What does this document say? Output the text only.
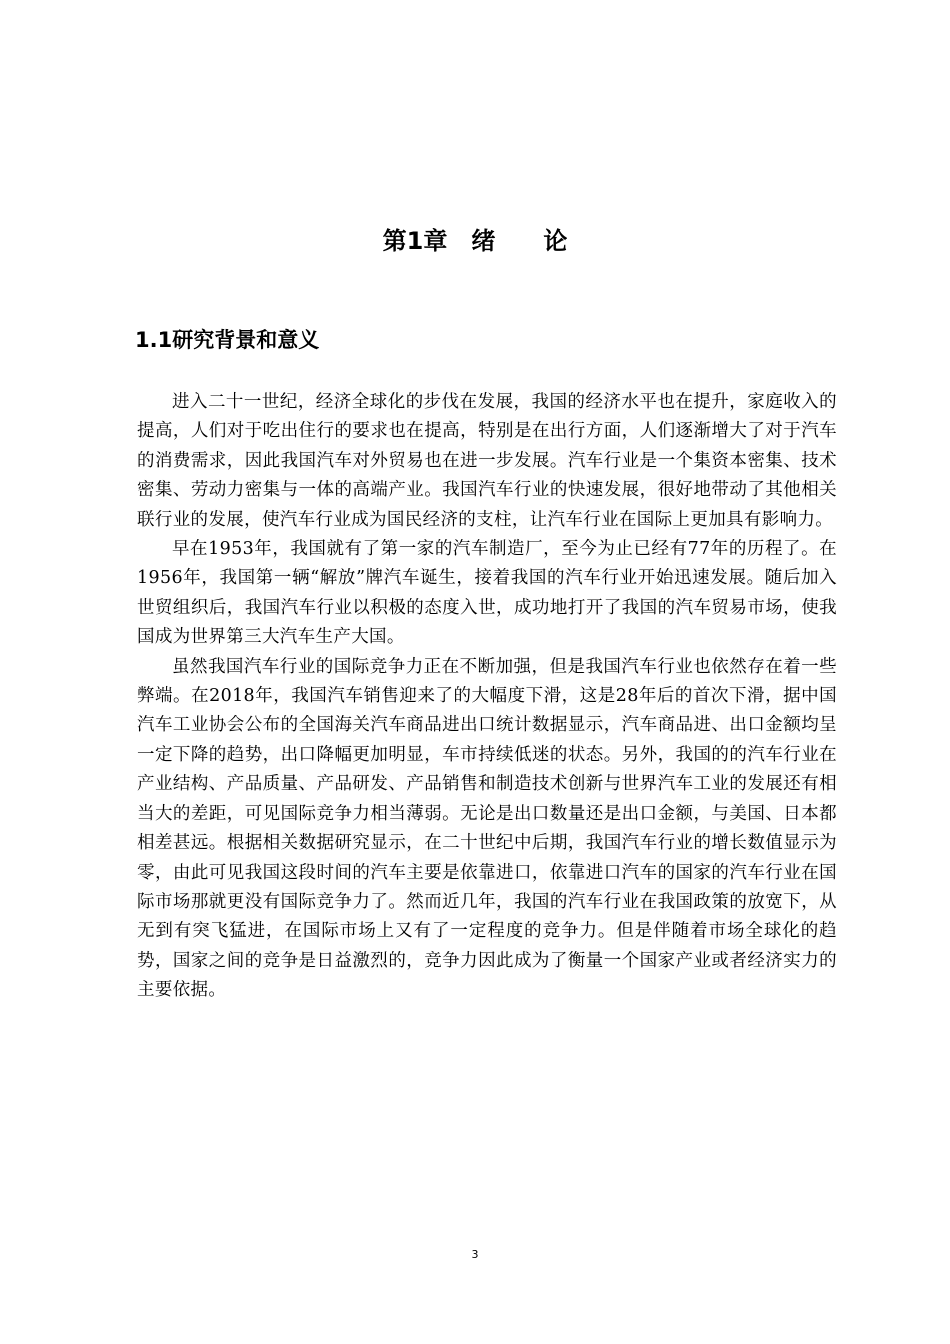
第1章　绪　　论
1.1研究背景和意义

进入二十一世纪，经济全球化的步伐在发展，我国的经济水平也在提升，家庭收入的提高，人们对于吃出住行的要求也在提高，特别是在出行方面，人们逐渐增大了对于汽车的消费需求，因此我国汽车对外贸易也在进一步发展。汽车行业是一个集资本密集、技术密集、劳动力密集与一体的高端产业。我国汽车行业的快速发展，很好地带动了其他相关联行业的发展，使汽车行业成为国民经济的支柱，让汽车行业在国际上更加具有影响力。

早在1953年，我国就有了第一家的汽车制造厂，至今为止已经有77年的历程了。在1956年，我国第一辆“解放”牌汽车诞生，接着我国的汽车行业开始迅速发展。随后加入世贸组织后，我国汽车行业以积极的态度入世，成功地打开了我国的汽车贸易市场，使我国成为世界第三大汽车生产大国。

虽然我国汽车行业的国际竞争力正在不断加强，但是我国汽车行业也依然存在着一些弊端。在2018年，我国汽车销售迎来了的大幅度下滑，这是28年后的首次下滑，据中国汽车工业协会公布的全国海关汽车商品进出口统计数据显示，汽车商品进、出口金额均呈一定下降的趋势，出口降幅更加明显，车市持续低迷的状态。另外，我国的的汽车行业在产业结构、产品质量、产品研发、产品销售和制造技术创新与世界汽车工业的发展还有相当大的差距，可见国际竞争力相当薄弱。无论是出口数量还是出口金额，与美国、日本都相差甚远。根据相关数据研究显示，在二十世纪中后期，我国汽车行业的增长数值显示为零，由此可见我国这段时间的汽车主要是依靠进口，依靠进口汽车的国家的汽车行业在国际市场那就更没有国际竞争力了。然而近几年，我国的汽车行业在我国政策的放宽下，从无到有突飞猛进，在国际市场上又有了一定程度的竞争力。但是伴随着市场全球化的趋势，国家之间的竞争是日益激烈的，竞争力因此成为了衡量一个国家产业或者经济实力的主要依据。

3
